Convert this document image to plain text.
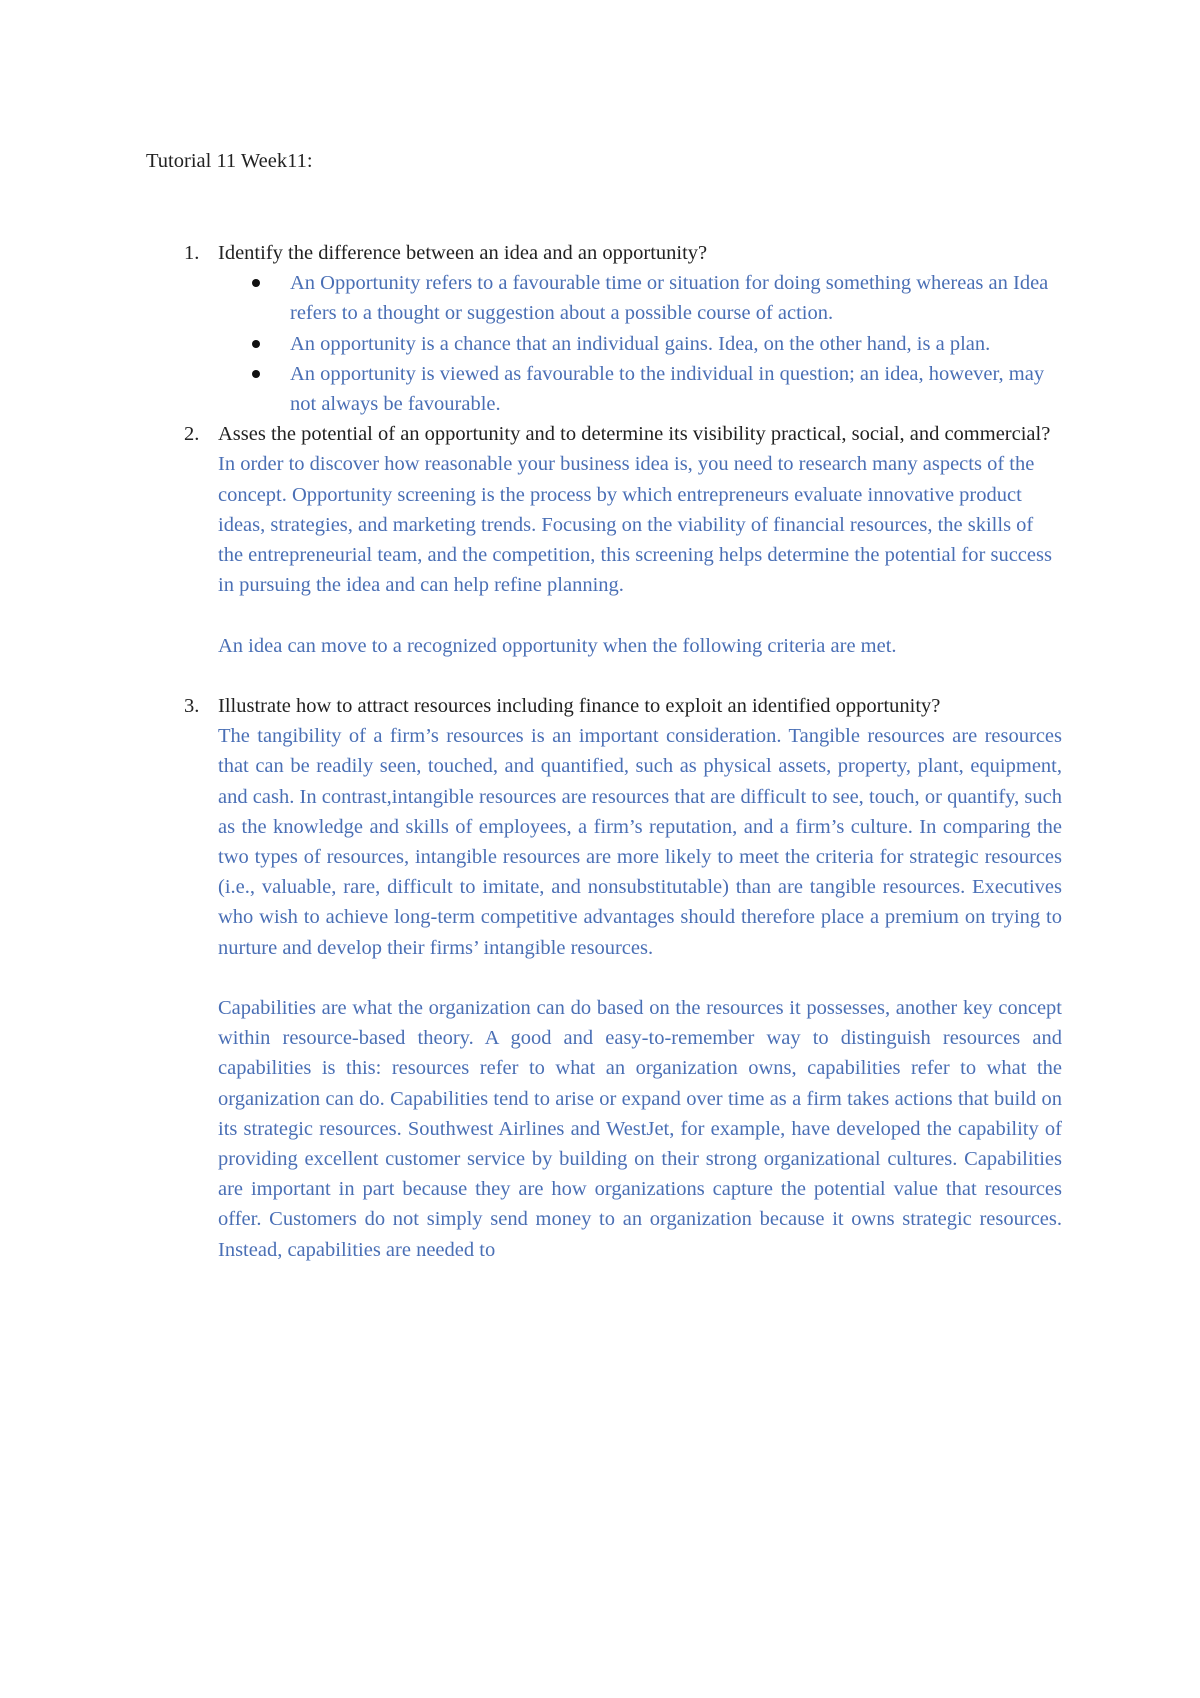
Tutorial 11 Week11:
1. Identify the difference between an idea and an opportunity?
An Opportunity refers to a favourable time or situation for doing something whereas an Idea refers to a thought or suggestion about a possible course of action.
An opportunity is a chance that an individual gains. Idea, on the other hand, is a plan.
An opportunity is viewed as favourable to the individual in question; an idea, however, may not always be favourable.
2. Asses the potential of an opportunity and to determine its visibility practical, social, and commercial?

In order to discover how reasonable your business idea is, you need to research many aspects of the concept. Opportunity screening is the process by which entrepreneurs evaluate innovative product ideas, strategies, and marketing trends. Focusing on the viability of financial resources, the skills of the entrepreneurial team, and the competition, this screening helps determine the potential for success in pursuing the idea and can help refine planning.

An idea can move to a recognized opportunity when the following criteria are met.

3. Illustrate how to attract resources including finance to exploit an identified opportunity?

The tangibility of a firm’s resources is an important consideration. Tangible resources are resources that can be readily seen, touched, and quantified, such as physical assets, property, plant, equipment, and cash. In contrast,intangible resources are resources that are difficult to see, touch, or quantify, such as the knowledge and skills of employees, a firm’s reputation, and a firm’s culture. In comparing the two types of resources, intangible resources are more likely to meet the criteria for strategic resources (i.e., valuable, rare, difficult to imitate, and nonsubstitutable) than are tangible resources. Executives who wish to achieve long-term competitive advantages should therefore place a premium on trying to nurture and develop their firms’ intangible resources.

Capabilities are what the organization can do based on the resources it possesses, another key concept within resource-based theory. A good and easy-to-remember way to distinguish resources and capabilities is this: resources refer to what an organization owns, capabilities refer to what the organization can do. Capabilities tend to arise or expand over time as a firm takes actions that build on its strategic resources. Southwest Airlines and WestJet, for example, have developed the capability of providing excellent customer service by building on their strong organizational cultures. Capabilities are important in part because they are how organizations capture the potential value that resources offer. Customers do not simply send money to an organization because it owns strategic resources. Instead, capabilities are needed to
